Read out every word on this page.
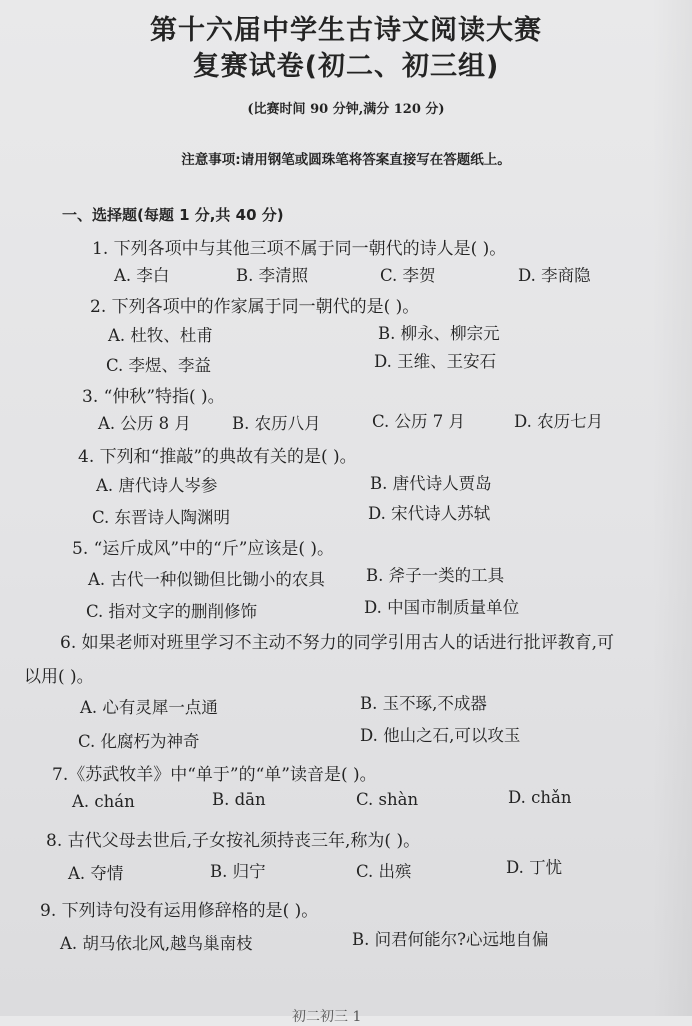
第十六届中学生古诗文阅读大赛
复赛试卷(初二、初三组)
(比赛时间 90 分钟,满分 120 分)
注意事项:请用钢笔或圆珠笔将答案直接写在答题纸上。
一、选择题(每题 1 分,共 40 分)
1. 下列各项中与其他三项不属于同一朝代的诗人是( )。
A. 李白	B. 李清照	C. 李贺	D. 李商隐
2. 下列各项中的作家属于同一朝代的是( )。
A. 杜牧、杜甫	B. 柳永、柳宗元
C. 李煜、李益	D. 王维、王安石
3. “仲秋”特指( )。
A. 公历 8 月 B. 农历八月	C. 公历 7 月	D. 农历七月
4. 下列和“推敲”的典故有关的是( )。
A. 唐代诗人岑参	B. 唐代诗人贾岛
C. 东晋诗人陶渊明	D. 宋代诗人苏轼
5. “运斤成风”中的“斤”应该是( )。
A. 古代一种似锄但比锄小的农具 B. 斧子一类的工具
C. 指对文字的删削修饰	D. 中国市制质量单位
6. 如果老师对班里学习不主动不努力的同学引用古人的话进行批评教育,可
以用( )。
A. 心有灵犀一点通	B. 玉不琢,不成器
C. 化腐朽为神奇	D. 他山之石,可以攻玉
7.《苏武牧羊》中“单于”的“单”读音是( )。
A. chán	B. dān	C. shàn	D. chǎn
8. 古代父母去世后,子女按礼须持丧三年,称为( )。
A. 夺情	B. 归宁	C. 出殡	D. 丁忧
9. 下列诗句没有运用修辞格的是( )。
A. 胡马依北风,越鸟巢南枝	B. 问君何能尔?心远地自偏
初二初三 1
